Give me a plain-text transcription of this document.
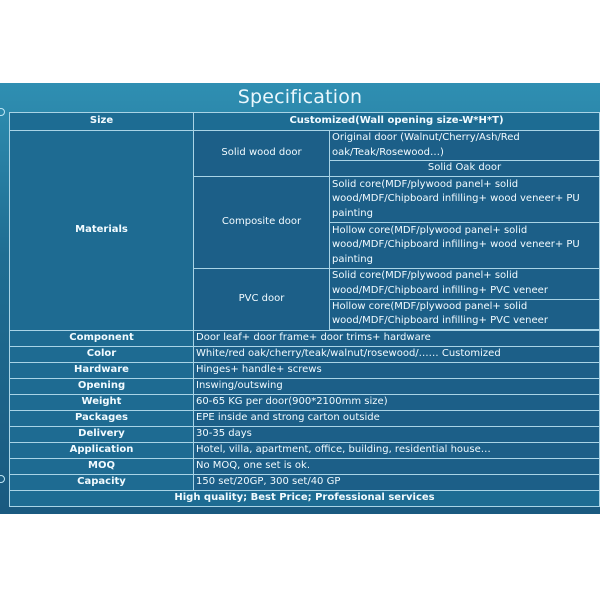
Specification
Size	Customized(Wall opening size-W*H*T)	
Materials	Solid wood door	Original door (Walnut/Cherry/Ash/Red oak/Teak/Rosewood…)
		Solid Oak door
	Composite door	Solid core(MDF/plywood panel+ solid wood/MDF/Chipboard infilling+ wood veneer+ PU painting
		Hollow core(MDF/plywood panel+ solid wood/MDF/Chipboard infilling+ wood veneer+ PU painting
	PVC door	Solid core(MDF/plywood panel+ solid wood/MDF/Chipboard infilling+ PVC veneer
		Hollow core(MDF/plywood panel+ solid wood/MDF/Chipboard infilling+ PVC veneer

Component	Door leaf+ door frame+ door trims+ hardware	
Color	White/red oak/cherry/teak/walnut/rosewood/…… Customized	
Hardware	Hinges+ handle+ screws	
Opening	Inswing/outswing	
Weight	60-65 KG per door(900*2100mm size)	
Packages	EPE inside and strong carton outside	
Delivery	30-35 days	
Application	Hotel, villa, apartment, office, building, residential house…	
MOQ	No MOQ, one set is ok.	
Capacity	150 set/20GP, 300 set/40 GP	
High quality; Best Price; Professional services		
